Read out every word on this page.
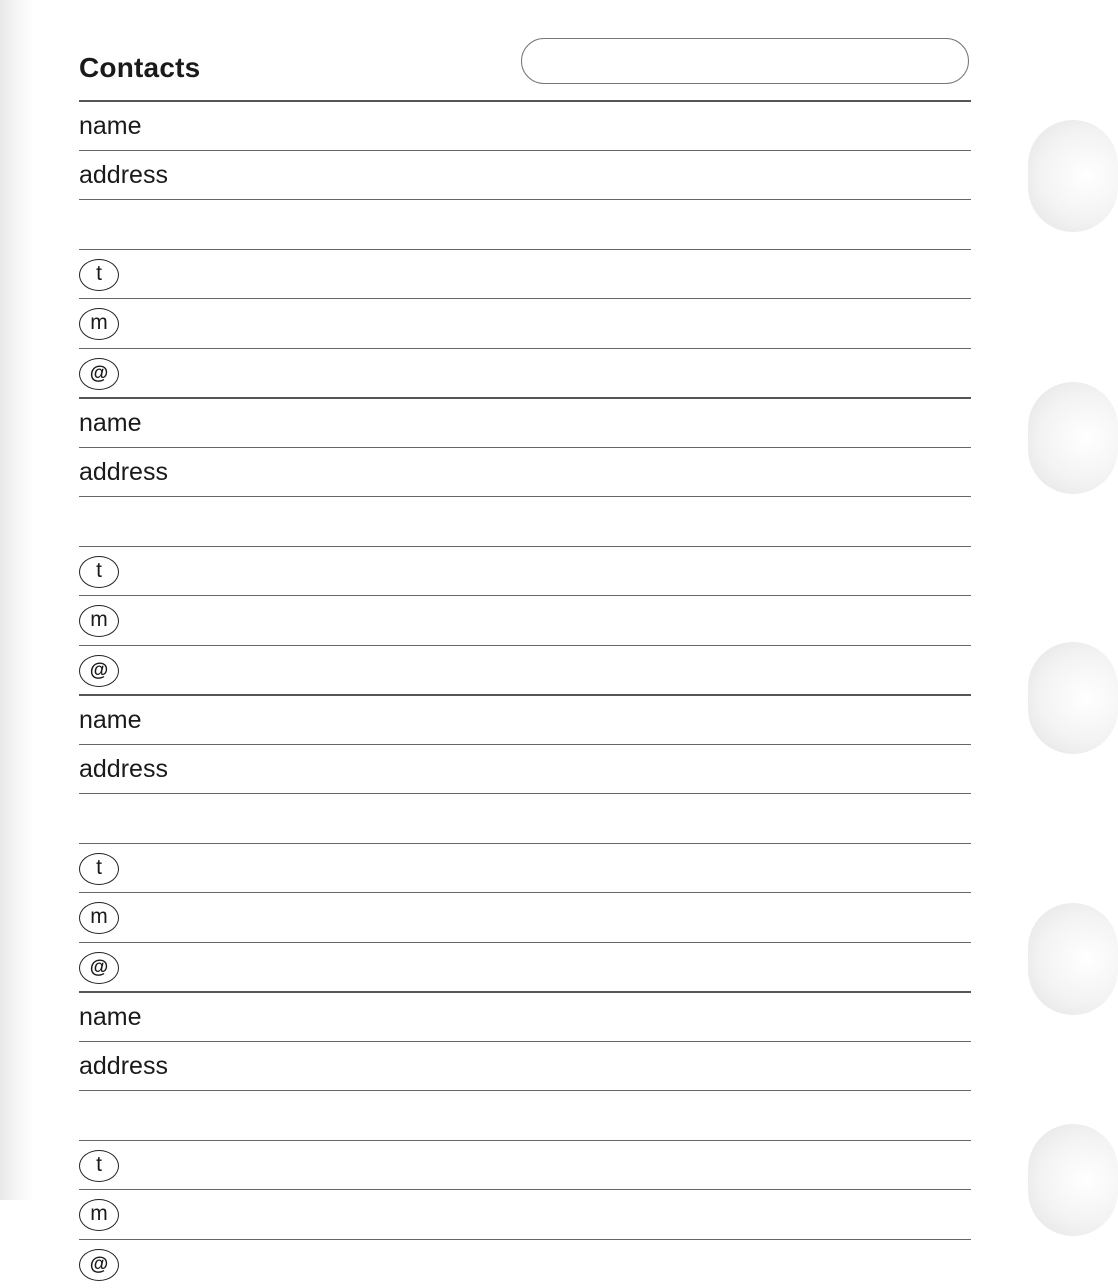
Contacts
name
address
t
m
@
name
address
t
m
@
name
address
t
m
@
name
address
t
m
@
